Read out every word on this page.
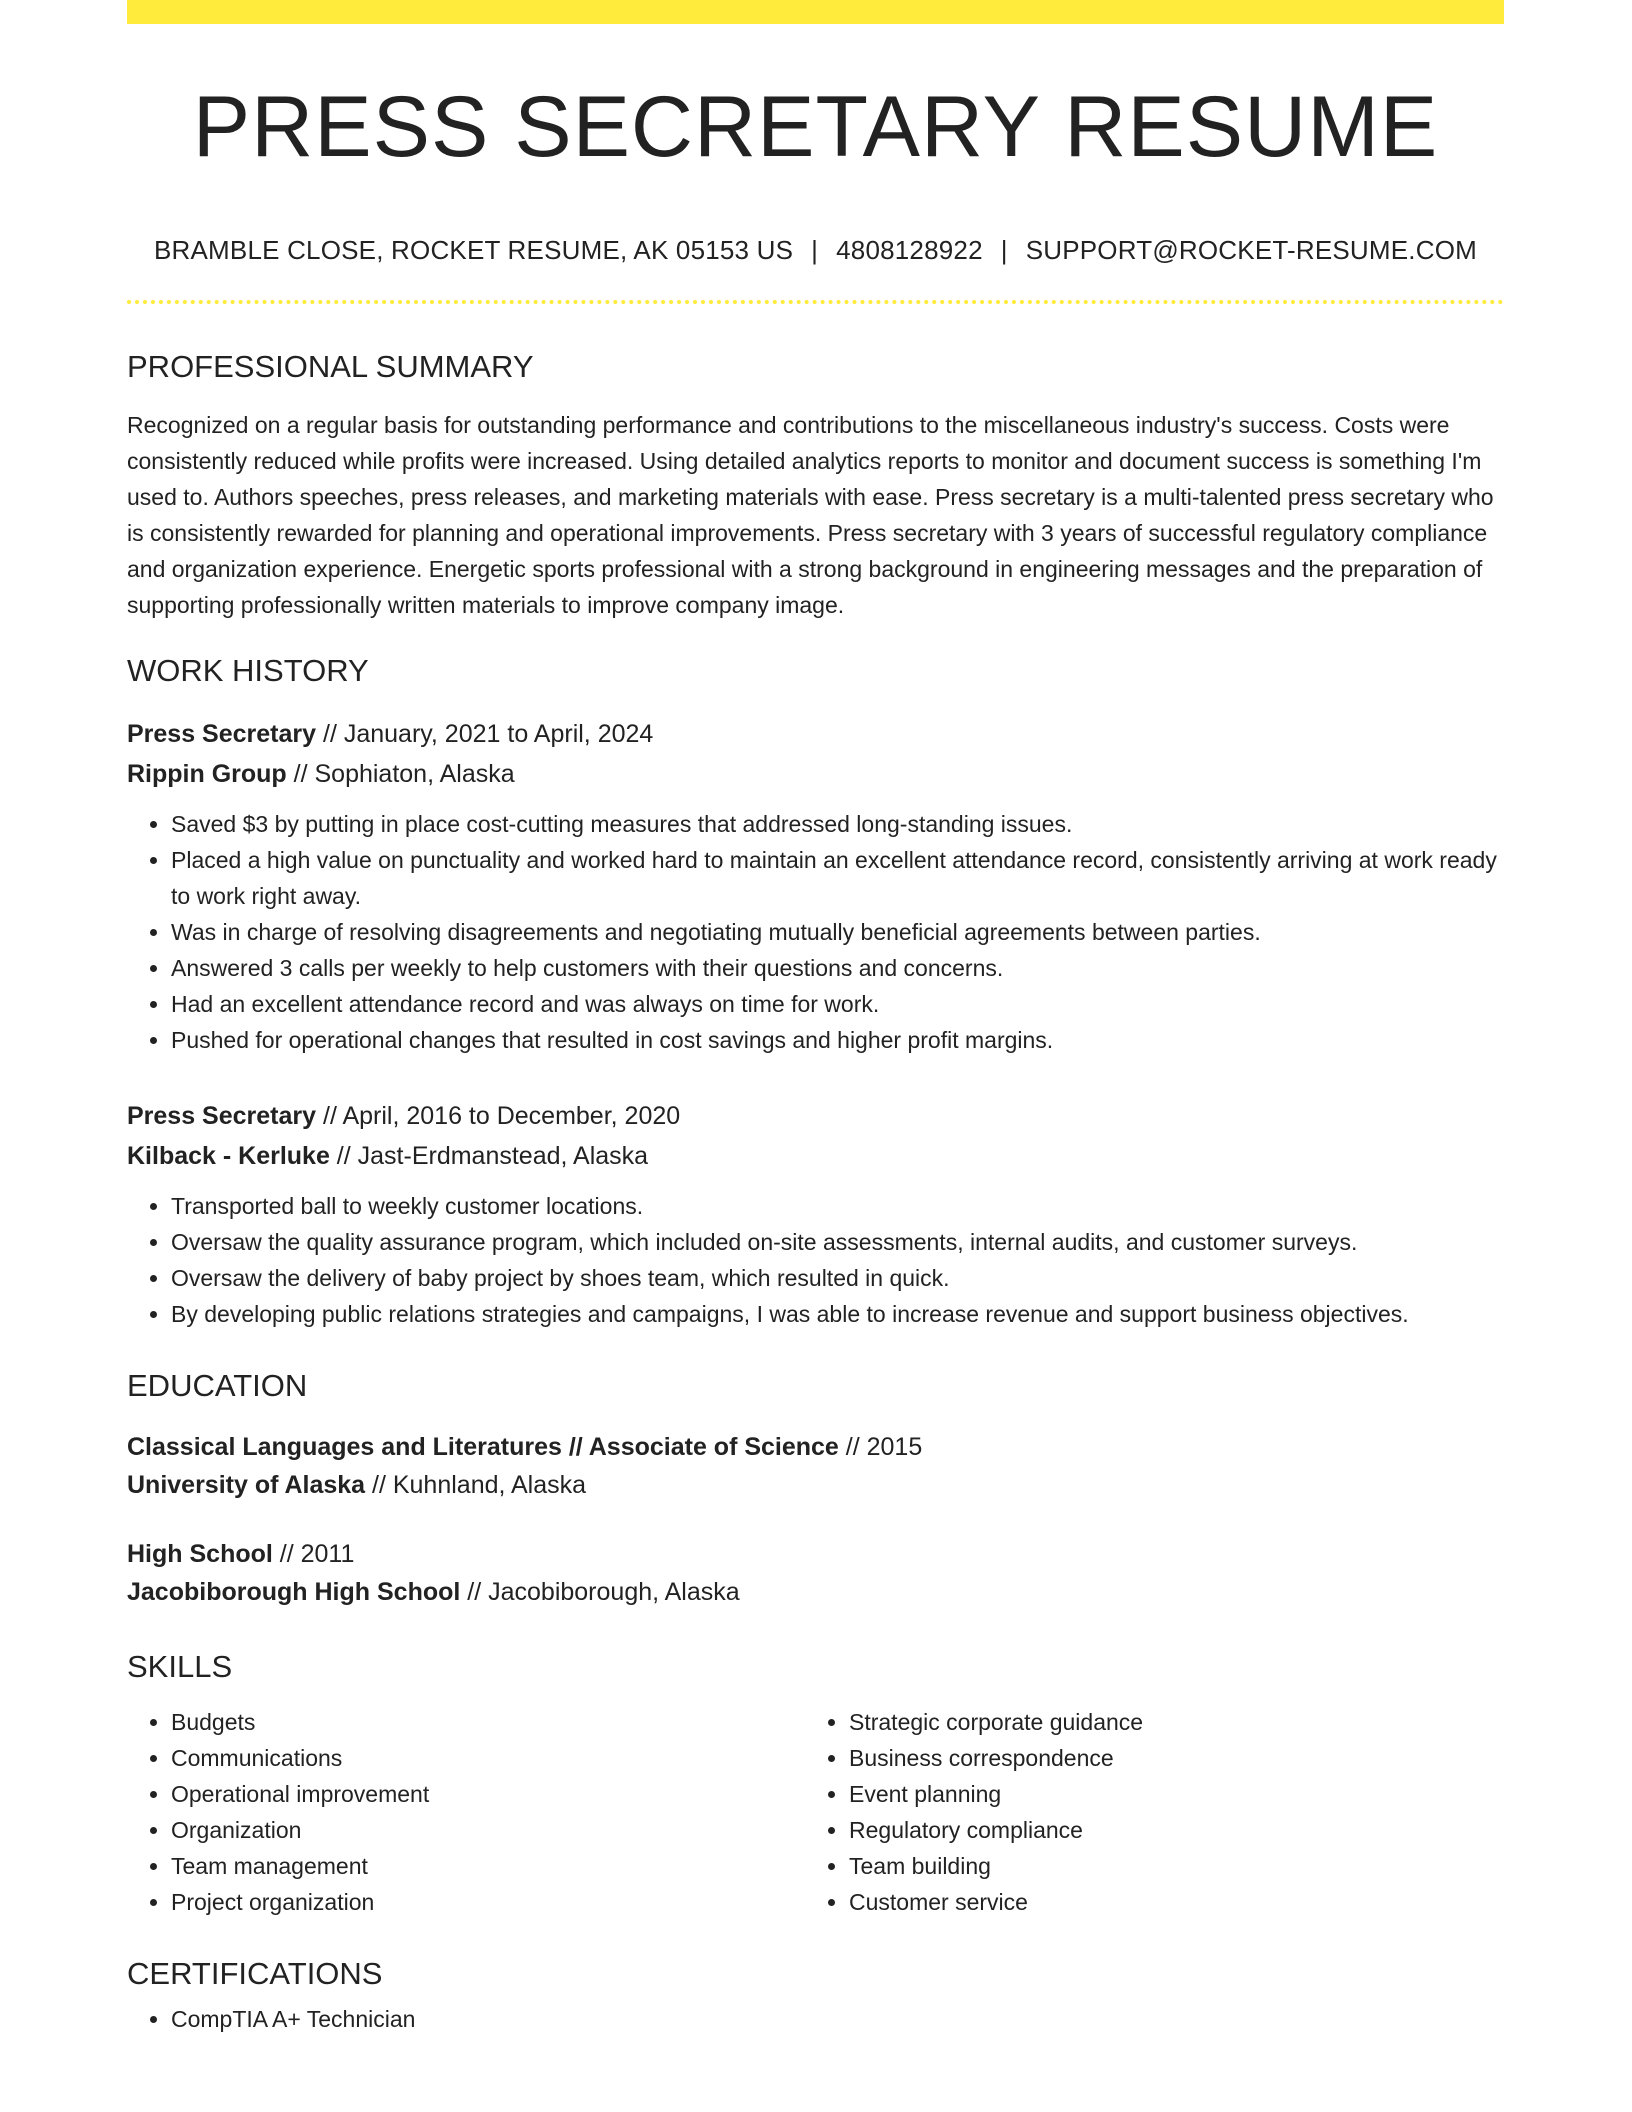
PRESS SECRETARY RESUME
BRAMBLE CLOSE, ROCKET RESUME, AK 05153 US | 4808128922 | SUPPORT@ROCKET-RESUME.COM
PROFESSIONAL SUMMARY
Recognized on a regular basis for outstanding performance and contributions to the miscellaneous industry's success. Costs were consistently reduced while profits were increased. Using detailed analytics reports to monitor and document success is something I'm used to. Authors speeches, press releases, and marketing materials with ease. Press secretary is a multi-talented press secretary who is consistently rewarded for planning and operational improvements. Press secretary with 3 years of successful regulatory compliance and organization experience. Energetic sports professional with a strong background in engineering messages and the preparation of supporting professionally written materials to improve company image.
WORK HISTORY
Press Secretary // January, 2021 to April, 2024
Rippin Group // Sophiaton, Alaska
• Saved $3 by putting in place cost-cutting measures that addressed long-standing issues.
• Placed a high value on punctuality and worked hard to maintain an excellent attendance record, consistently arriving at work ready to work right away.
• Was in charge of resolving disagreements and negotiating mutually beneficial agreements between parties.
• Answered 3 calls per weekly to help customers with their questions and concerns.
• Had an excellent attendance record and was always on time for work.
• Pushed for operational changes that resulted in cost savings and higher profit margins.
Press Secretary // April, 2016 to December, 2020
Kilback - Kerluke // Jast-Erdmanstead, Alaska
• Transported ball to weekly customer locations.
• Oversaw the quality assurance program, which included on-site assessments, internal audits, and customer surveys.
• Oversaw the delivery of baby project by shoes team, which resulted in quick.
• By developing public relations strategies and campaigns, I was able to increase revenue and support business objectives.
EDUCATION
Classical Languages and Literatures // Associate of Science // 2015
University of Alaska // Kuhnland, Alaska
High School // 2011
Jacobiborough High School // Jacobiborough, Alaska
SKILLS
• Budgets
• Communications
• Operational improvement
• Organization
• Team management
• Project organization
• Strategic corporate guidance
• Business correspondence
• Event planning
• Regulatory compliance
• Team building
• Customer service
CERTIFICATIONS
• CompTIA A+ Technician
